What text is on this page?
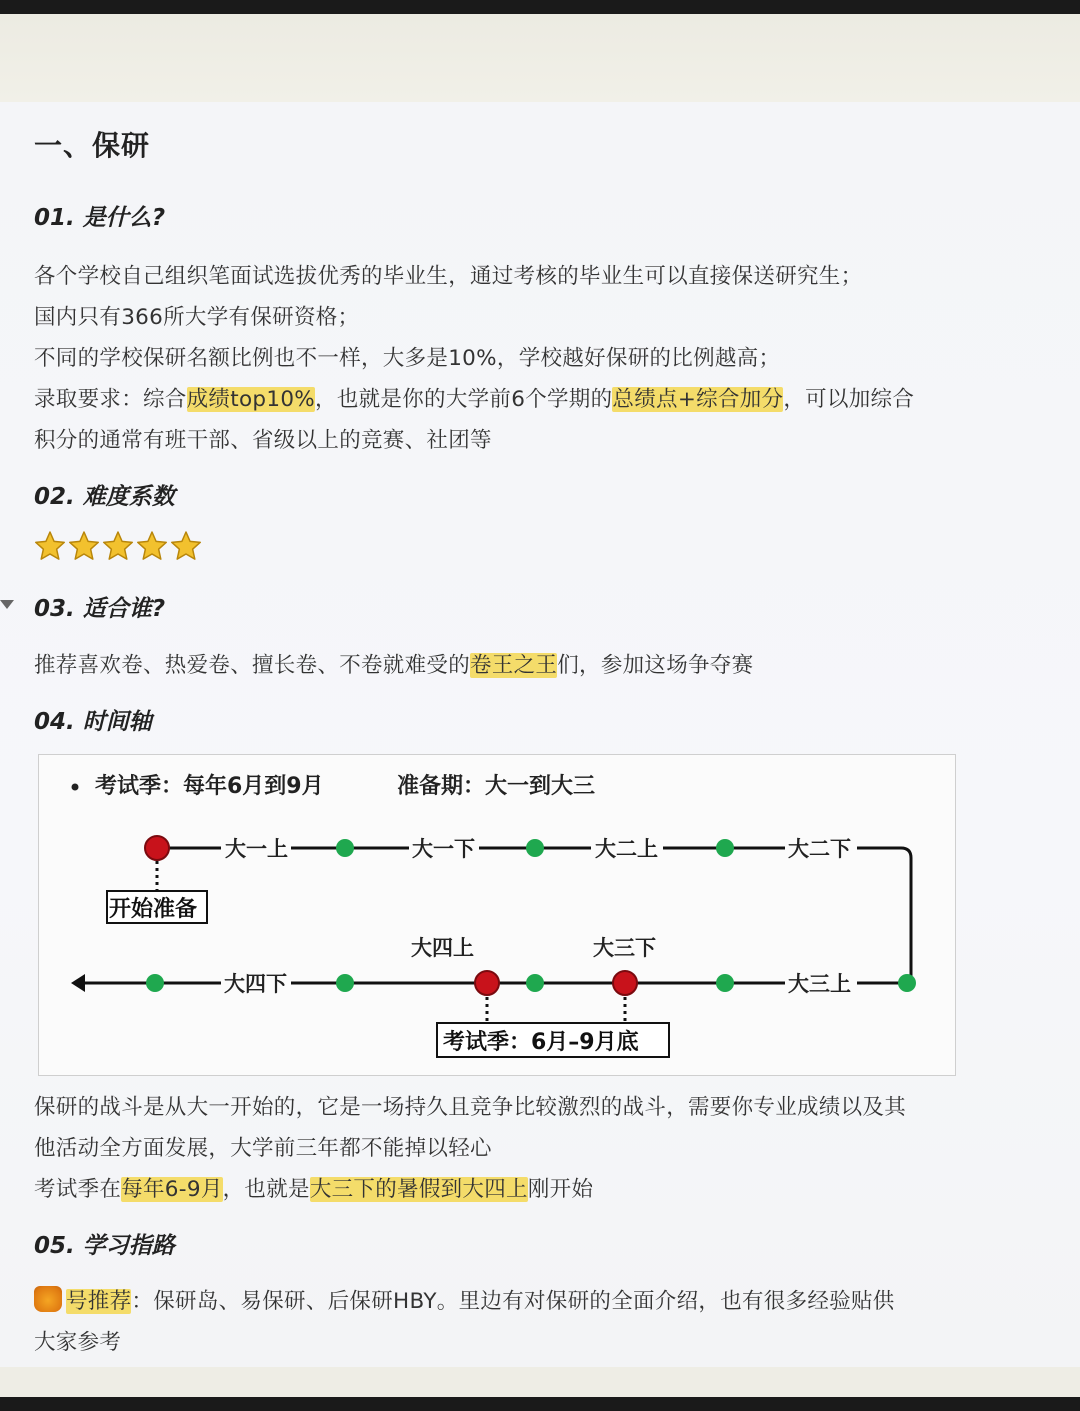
一、保研
01. 是什么?
各个学校自己组织笔面试选拔优秀的毕业生，通过考核的毕业生可以直接保送研究生；
国内只有366所大学有保研资格；
不同的学校保研名额比例也不一样，大多是10%，学校越好保研的比例越高；
录取要求：综合成绩top10%，也就是你的大学前6个学期的总绩点+综合加分，可以加综合
积分的通常有班干部、省级以上的竞赛、社团等
02. 难度系数
03. 适合谁?
推荐喜欢卷、热爱卷、擅长卷、不卷就难受的卷王之王们，参加这场争夺赛
04. 时间轴
考试季：每年6月到9月	准备期：大一到大三
大一上	大一下	大二上	大二下
大四下	大三上
大四上	大三下
开始准备
考试季：6月–9月底
保研的战斗是从大一开始的，它是一场持久且竞争比较激烈的战斗，需要你专业成绩以及其
他活动全方面发展，大学前三年都不能掉以轻心
考试季在每年6-9月，也就是大三下的暑假到大四上刚开始
05. 学习指路
号推荐：保研岛、易保研、后保研HBY。里边有对保研的全面介绍，也有很多经验贴供
大家参考
